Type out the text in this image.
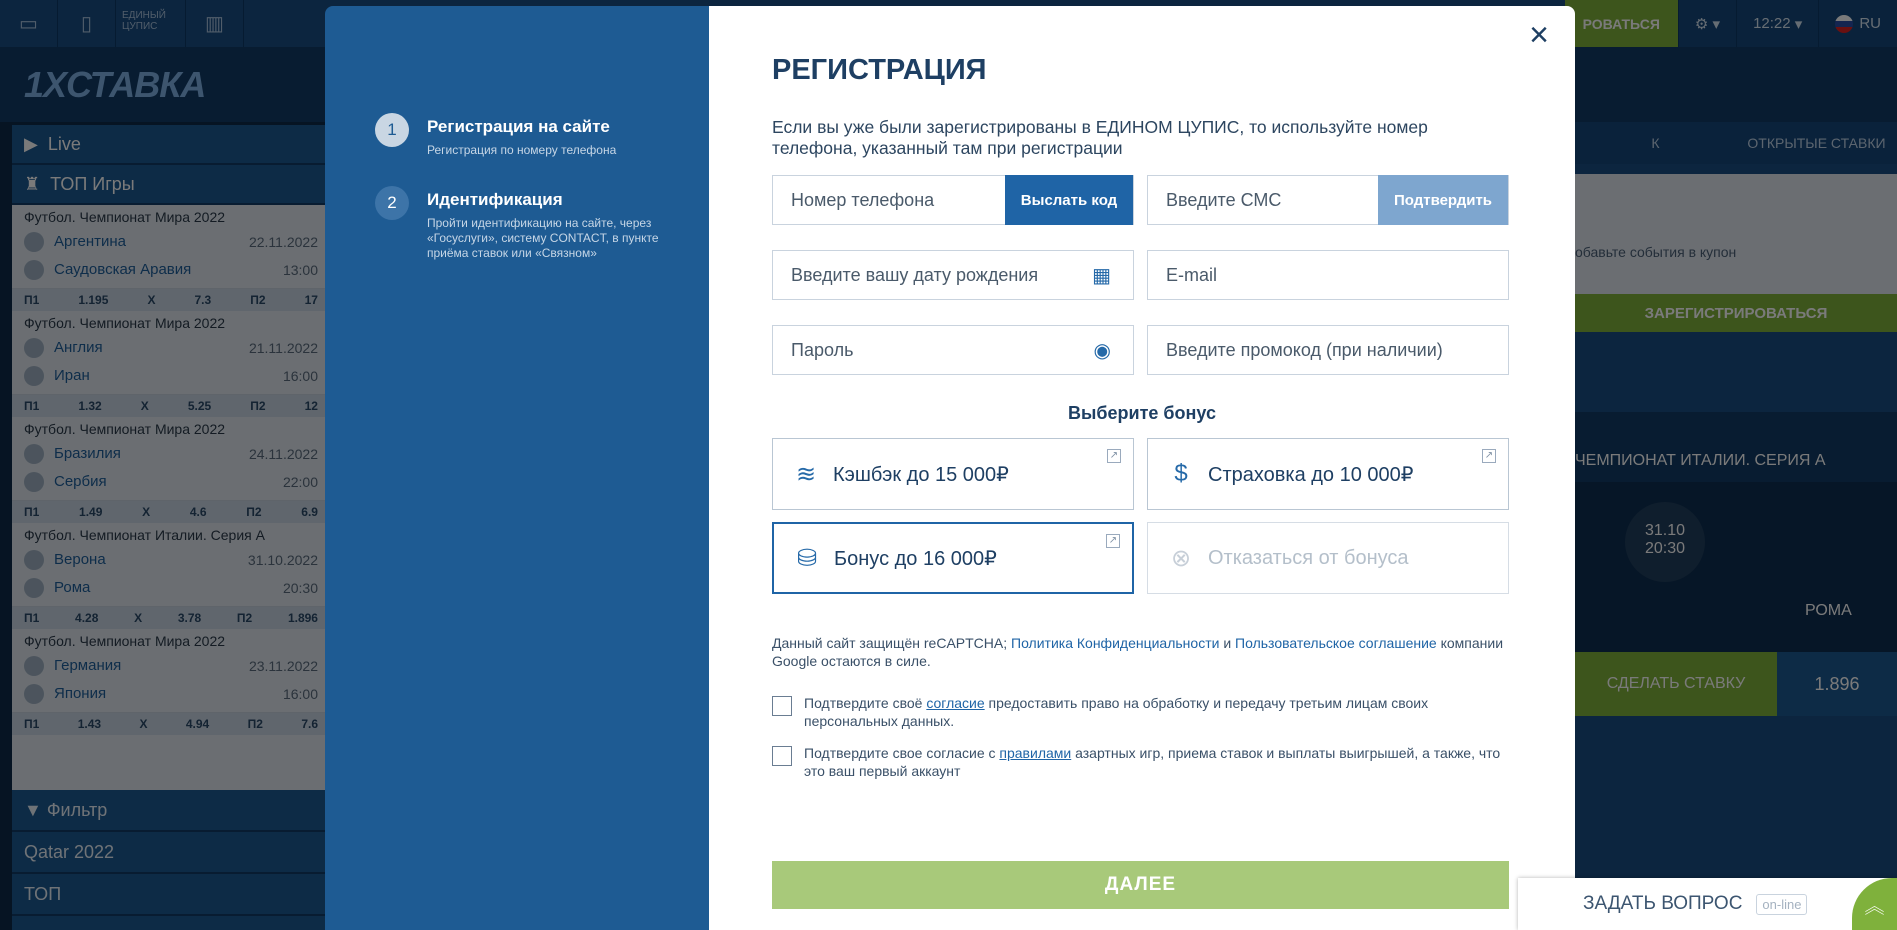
1	Регистрация на сайте
Регистрация по номеру телефона
2	Идентификация
Пройти идентификацию на сайте, через «Госуслуги», систему CONTACT, в пункте приёма ставок или «Связном»
×
РЕГИСТРАЦИЯ
Если вы уже были зарегистрированы в ЕДИНОМ ЦУПИС, то используйте номер телефона, указанный там при регистрации
Номер телефона	Выслать код	Введите СМС	Подтвердить
Введите вашу дату рождения	▦	E-mail
Пароль	◉	Введите промокод (при наличии)
Выберите бонус
≋ Кэшбэк до 15 000₽
↗
$	Страховка до 10 000₽
↗
⛁ Бонус до 16 000₽
↗
⊗ Отказаться от бонуса
Данный сайт защищён reCAPTCHA; Политика Конфиденциальности и Пользовательское соглашение компании Google остаются в силе.
Подтвердите своё согласие предоставить право на обработку и передачу третьим лицам своих персональных данных.
Подтвердите свое согласие с правилами азартных игр, приема ставок и выплаты выигрышей, а также, что это ваш первый аккаунт
ДАЛЕЕ
ЗАДАТЬ ВОПРОС	on-line	︽
